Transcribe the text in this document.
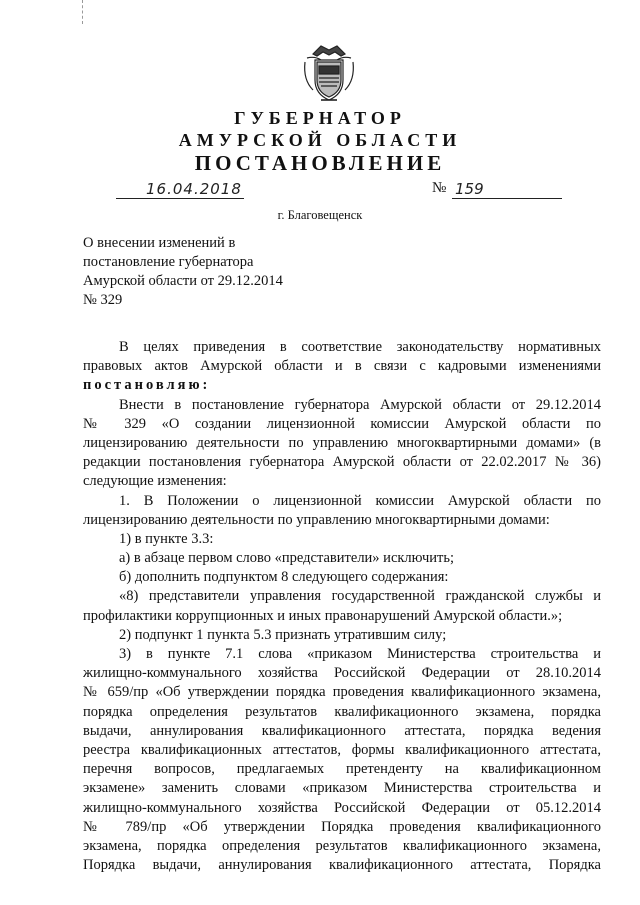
ГУБЕРНАТОР
АМУРСКОЙ ОБЛАСТИ
ПОСТАНОВЛЕНИЕ
16.04.2018	№ 159
г. Благовещенск
О внесении изменений в
постановление губернатора
Амурской области от 29.12.2014
№ 329
В целях приведения в соответствие законодательству нормативных
правовых актов Амурской области и в связи с кадровыми изменениями
постановляю:
Внести в постановление губернатора Амурской области от 29.12.2014
№ 329 «О создании лицензионной комиссии Амурской области по
лицензированию деятельности по управлению многоквартирными домами» (в
редакции постановления губернатора Амурской области от 22.02.2017 № 36)
следующие изменения:
1. В Положении о лицензионной комиссии Амурской области по
лицензированию деятельности по управлению многоквартирными домами:
1) в пункте 3.3:
а) в абзаце первом слово «представители» исключить;
б) дополнить подпунктом 8 следующего содержания:
«8) представители управления государственной гражданской службы и
профилактики коррупционных и иных правонарушений Амурской области.»;
2) подпункт 1 пункта 5.3 признать утратившим силу;
3) в пункте 7.1 слова «приказом Министерства строительства и
жилищно-коммунального хозяйства Российской Федерации от 28.10.2014
№ 659/пр «Об утверждении порядка проведения квалификационного экзамена,
порядка определения результатов квалификационного экзамена, порядка
выдачи, аннулирования квалификационного аттестата, порядка ведения
реестра квалификационных аттестатов, формы квалификационного аттестата,
перечня вопросов, предлагаемых претенденту на квалификационном
экзамене» заменить словами «приказом Министерства строительства и
жилищно-коммунального хозяйства Российской Федерации от 05.12.2014
№ 789/пр «Об утверждении Порядка проведения квалификационного
экзамена, порядка определения результатов квалификационного экзамена,
Порядка выдачи, аннулирования квалификационного аттестата, Порядка
